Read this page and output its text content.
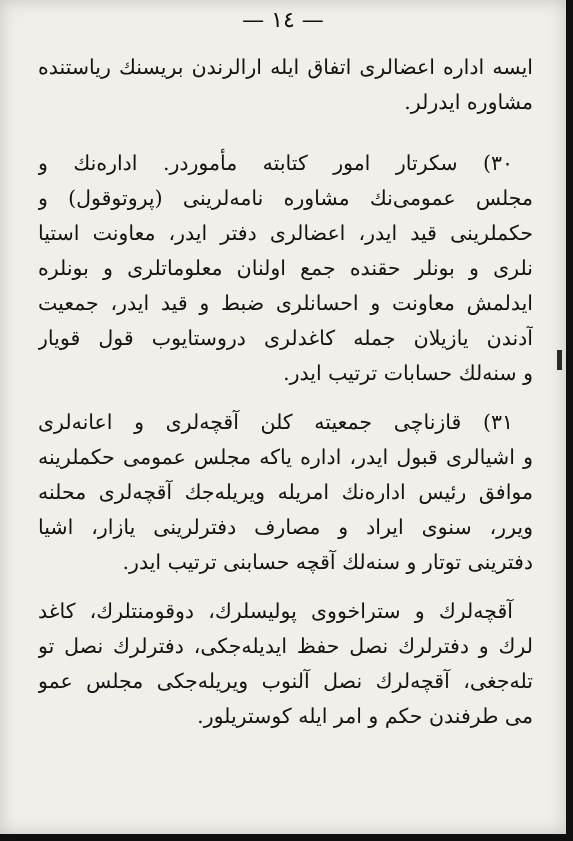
— ١٤ —
ايسه اداره اعضالرى اتفاق ايله ارالرندن بريسنك رياستنده
مشاوره ايدرلر.
٣٠) سكرتار امور كتابته مأموردر. اداره‌نك و
مجلس عمومى‌نك مشاوره نامه‌لرينى (پروتوقول) و
حكملرينى قيد ايدر، اعضالرى دفتر ايدر، معاونت استيا
نلرى و بونلر حقنده جمع اولنان معلوماتلرى و بونلره
ايدلمش معاونت و احسانلرى ضبط و قيد ايدر، جمعيت
آدندن يازيلان جمله كاغدلرى دروستايوب قول قويار
و سنه‌لك حسابات ترتيب ايدر.
٣١) قازناچى جمعيته كلن آقچه‌لرى و اعانه‌لرى
و اشيالرى قبول ايدر، اداره ياكه مجلس عمومى حكملرينه
موافق رئيس اداره‌نك امريله ويريله‌جك آقچه‌لرى محلنه
ويرر، سنوى ايراد و مصارف دفترلرينى يازار، اشيا
دفترينى توتار و سنه‌لك آقچه حسابنى ترتيب ايدر.
آقچه‌لرك و ستراخووى پوليسلرك، دوقومنتلرك، كاغد
لرك و دفترلرك نصل حفظ ايديله‌جكى، دفترلرك نصل تو
تله‌جغى، آقچه‌لرك نصل آلنوب ويريله‌جكى مجلس عمو
مى طرفندن حكم و امر ايله كوستريلور.
